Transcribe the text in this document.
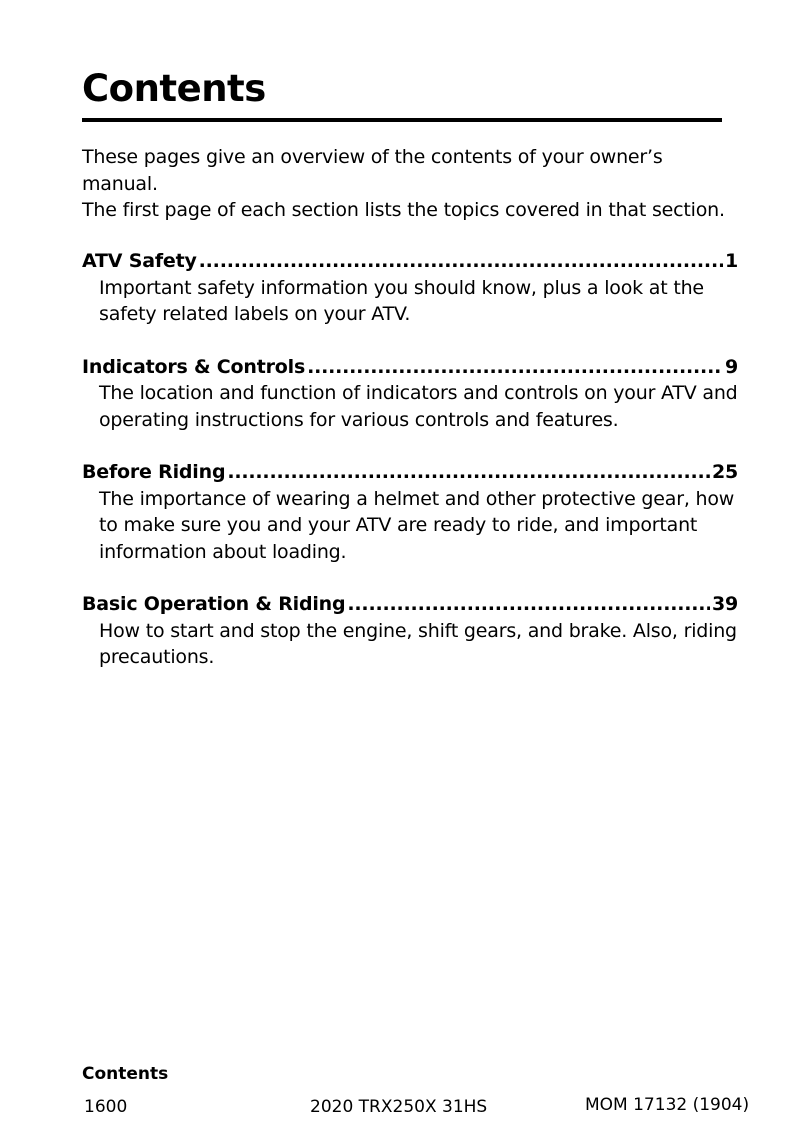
Contents

These pages give an overview of the contents of your owner’s manual.

The first page of each section lists the topics covered in that section.

ATV Safety .....	1

Important safety information you should know, plus a look at the safety related labels on your ATV.

Indicators & Controls .....	9

The location and function of indicators and controls on your ATV and operating instructions for various controls and features.

Before Riding .....	25

The importance of wearing a helmet and other protective gear, how to make sure you and your ATV are ready to ride, and important information about loading.

Basic Operation & Riding .....	39

How to start and stop the engine, shift gears, and brake. Also, riding precautions.

Contents
1600	2020 TRX250X 31HS	MOM 17132 (1904)
